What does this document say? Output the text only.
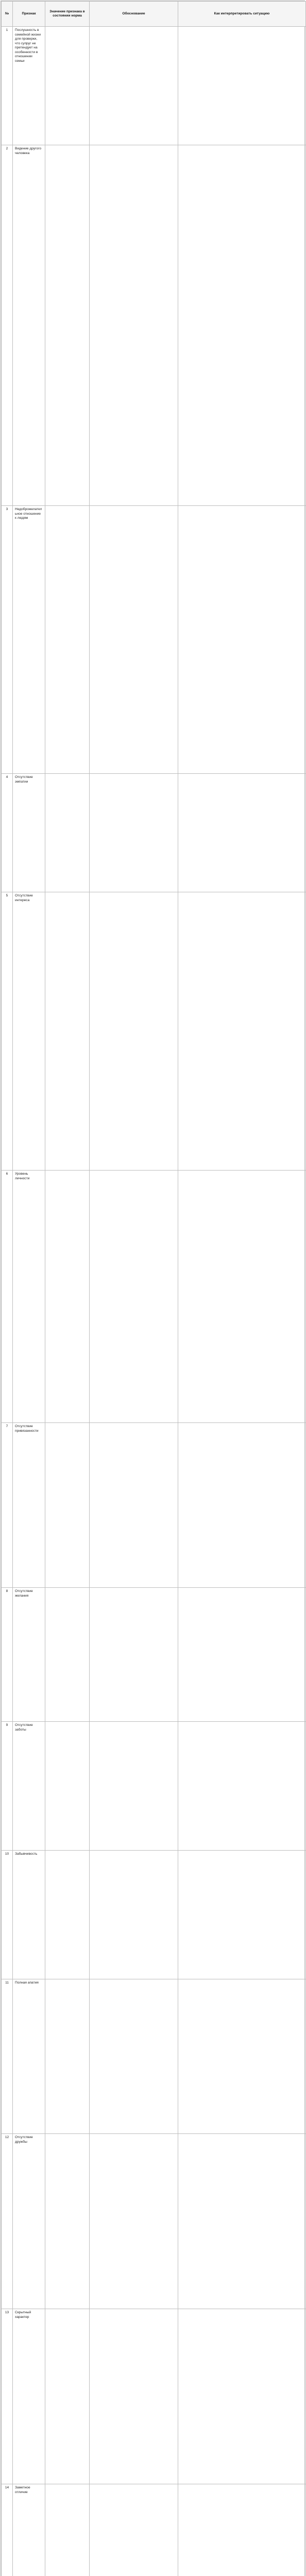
№	Признак	Значение признака в состоянии норма	Обоснование	Как интерпретировать ситуацию
1	Послушность в семейной жизни для проверки, что супруг не претендует на особенности в отношении семьи			
2	Видение другого человека			
3	Недоброжелательное отношение к людям			
4	Отсутствие эмпатии			
5	Отсутствие интереса			
6	Уровень личности			
7	Отсутствие привязанности			
8	Отсутствие желания			
9	Отсутствие заботы			
10	Забывчивость			
11	Полная апатия			
12	Отсутствие дружбы			
13	Скрытный характер			
14	Заметное отличие			
